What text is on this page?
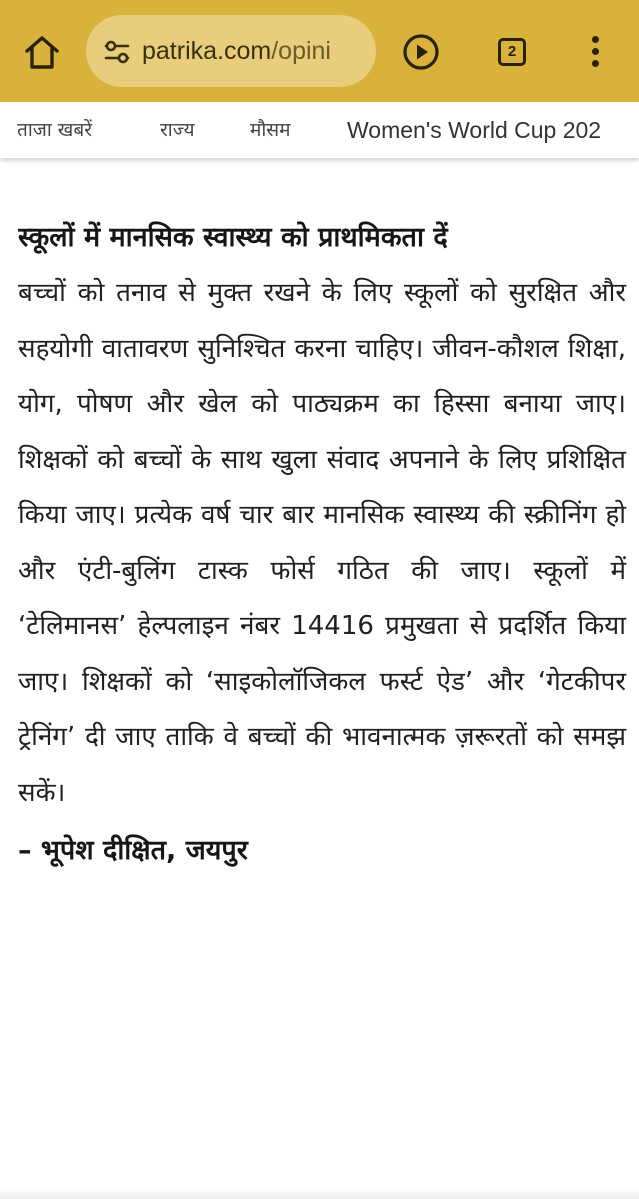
patrika.com/opini	2
ताजा खबरें	राज्य	मौसम Women's World Cup 202
स्कूलों में मानसिक स्वास्थ्य को प्राथमिकता दें
बच्चों को तनाव से मुक्त रखने के लिए स्कूलों को सुरक्षित और सहयोगी वातावरण सुनिश्चित करना चाहिए। जीवन-कौशल शिक्षा, योग, पोषण और खेल को पाठ्यक्रम का हिस्सा बनाया जाए। शिक्षकों को बच्चों के साथ खुला संवाद अपनाने के लिए प्रशिक्षित किया जाए। प्रत्येक वर्ष चार बार मानसिक स्वास्थ्य की स्क्रीनिंग हो और एंटी-बुलिंग टास्क फोर्स गठित की जाए। स्कूलों में ‘टेलिमानस’ हेल्पलाइन नंबर 14416 प्रमुखता से प्रदर्शित किया जाए। शिक्षकों को ‘साइकोलॉजिकल फर्स्ट ऐड’ और ‘गेटकीपर ट्रेनिंग’ दी जाए ताकि वे बच्चों की भावनात्मक ज़रूरतों को समझ सकें।
– भूपेश दीक्षित, जयपुर
